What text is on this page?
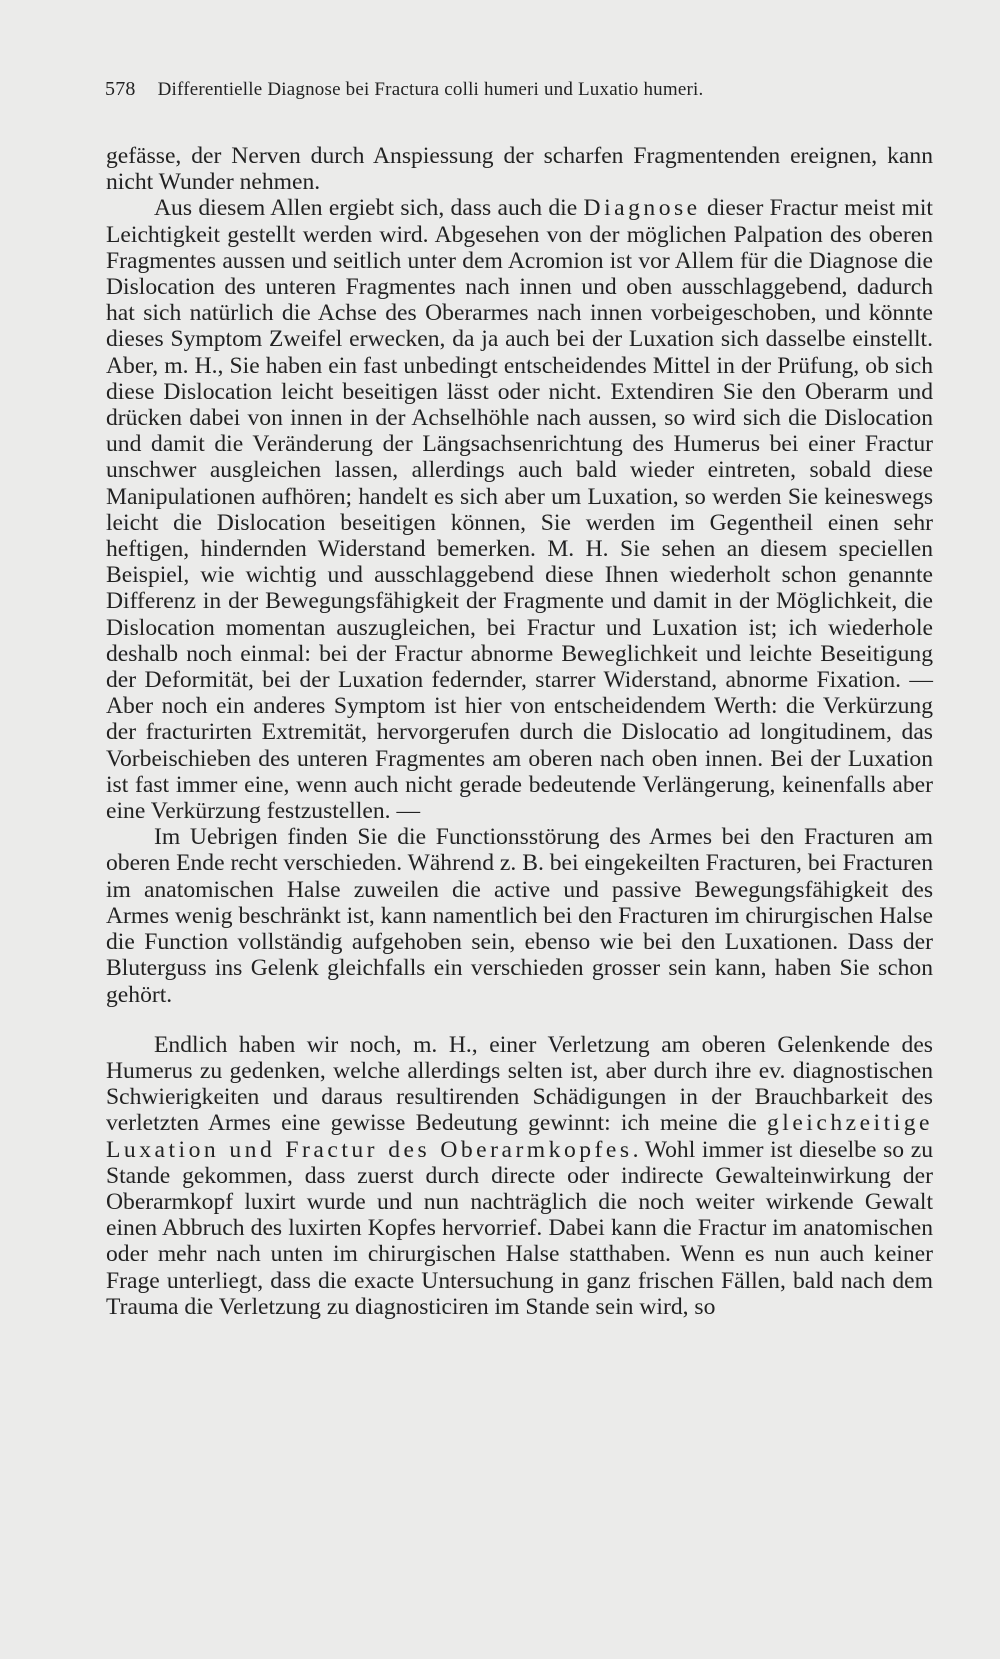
578 Differentielle Diagnose bei Fractura colli humeri und Luxatio humeri.

gefässe, der Nerven durch Anspiessung der scharfen Fragmentenden ereignen, kann nicht Wunder nehmen.

Aus diesem Allen ergiebt sich, dass auch die Diagnose dieser Fractur meist mit Leichtigkeit gestellt werden wird. Abgesehen von der möglichen Palpation des oberen Fragmentes aussen und seitlich unter dem Acromion ist vor Allem für die Diagnose die Dislocation des unteren Fragmentes nach innen und oben ausschlaggebend, dadurch hat sich natürlich die Achse des Oberarmes nach innen vorbeigeschoben, und könnte dieses Symptom Zweifel erwecken, da ja auch bei der Luxation sich dasselbe einstellt. Aber, m. H., Sie haben ein fast unbedingt entscheidendes Mittel in der Prüfung, ob sich diese Dislocation leicht beseitigen lässt oder nicht. Extendiren Sie den Oberarm und drücken dabei von innen in der Achselhöhle nach aussen, so wird sich die Dislocation und damit die Veränderung der Längsachsenrichtung des Humerus bei einer Fractur unschwer ausgleichen lassen, allerdings auch bald wieder eintreten, sobald diese Manipulationen aufhören; handelt es sich aber um Luxation, so werden Sie keineswegs leicht die Dislocation beseitigen können, Sie werden im Gegentheil einen sehr heftigen, hindernden Widerstand bemerken. M. H. Sie sehen an diesem speciellen Beispiel, wie wichtig und ausschlaggebend diese Ihnen wiederholt schon genannte Differenz in der Bewegungsfähigkeit der Fragmente und damit in der Möglichkeit, die Dislocation momentan auszugleichen, bei Fractur und Luxation ist; ich wiederhole deshalb noch einmal: bei der Fractur abnorme Beweglichkeit und leichte Beseitigung der Deformität, bei der Luxation federnder, starrer Widerstand, abnorme Fixation. — Aber noch ein anderes Symptom ist hier von entscheidendem Werth: die Verkürzung der fracturirten Extremität, hervorgerufen durch die Dislocatio ad longitudinem, das Vorbeischieben des unteren Fragmentes am oberen nach oben innen. Bei der Luxation ist fast immer eine, wenn auch nicht gerade bedeutende Verlängerung, keinenfalls aber eine Verkürzung festzustellen. —

Im Uebrigen finden Sie die Functionsstörung des Armes bei den Fracturen am oberen Ende recht verschieden. Während z. B. bei eingekeilten Fracturen, bei Fracturen im anatomischen Halse zuweilen die active und passive Bewegungsfähigkeit des Armes wenig beschränkt ist, kann namentlich bei den Fracturen im chirurgischen Halse die Function vollständig aufgehoben sein, ebenso wie bei den Luxationen. Dass der Bluterguss ins Gelenk gleichfalls ein verschieden grosser sein kann, haben Sie schon gehört.

Endlich haben wir noch, m. H., einer Verletzung am oberen Gelenkende des Humerus zu gedenken, welche allerdings selten ist, aber durch ihre ev. diagnostischen Schwierigkeiten und daraus resultirenden Schädigungen in der Brauchbarkeit des verletzten Armes eine gewisse Bedeutung gewinnt: ich meine die gleichzeitige Luxation und Fractur des Oberarmkopfes. Wohl immer ist dieselbe so zu Stande gekommen, dass zuerst durch directe oder indirecte Gewalteinwirkung der Oberarmkopf luxirt wurde und nun nachträglich die noch weiter wirkende Gewalt einen Abbruch des luxirten Kopfes hervorrief. Dabei kann die Fractur im anatomischen oder mehr nach unten im chirurgischen Halse statthaben. Wenn es nun auch keiner Frage unterliegt, dass die exacte Untersuchung in ganz frischen Fällen, bald nach dem Trauma die Verletzung zu diagnosticiren im Stande sein wird, so
